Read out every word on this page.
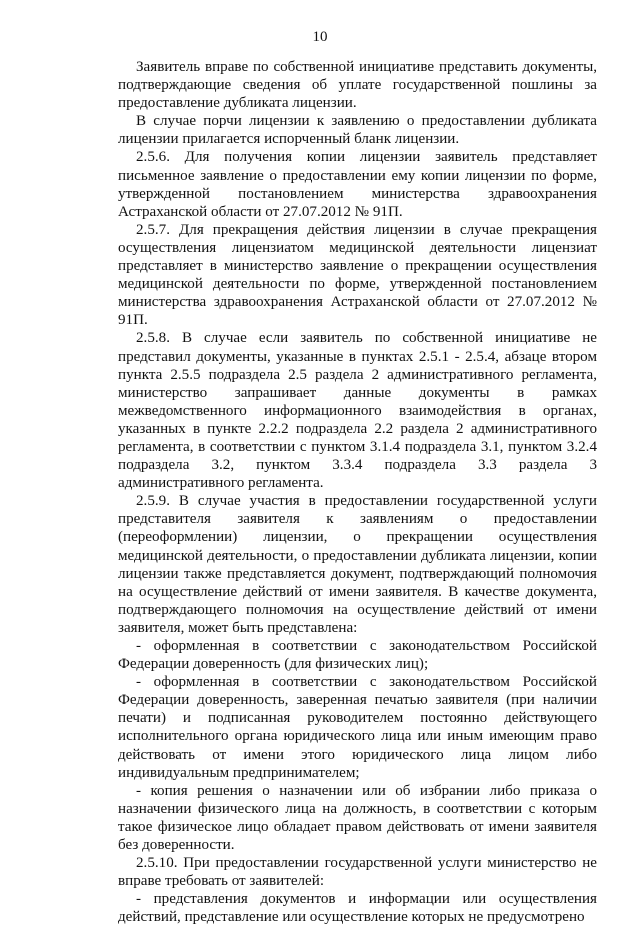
10

Заявитель вправе по собственной инициативе представить документы, подтверждающие сведения об уплате государственной пошлины за предоставление дубликата лицензии.

В случае порчи лицензии к заявлению о предоставлении дубликата лицензии прилагается испорченный бланк лицензии.

2.5.6. Для получения копии лицензии заявитель представляет письменное заявление о предоставлении ему копии лицензии по форме, утвержденной постановлением министерства здравоохранения Астраханской области от 27.07.2012 № 91П.

2.5.7. Для прекращения действия лицензии в случае прекращения осуществления лицензиатом медицинской деятельности лицензиат представляет в министерство заявление о прекращении осуществления медицинской деятельности по форме, утвержденной постановлением министерства здравоохранения Астраханской области от 27.07.2012 № 91П.

2.5.8. В случае если заявитель по собственной инициативе не представил документы, указанные в пунктах 2.5.1 - 2.5.4, абзаце втором пункта 2.5.5 подраздела 2.5 раздела 2 административного регламента, министерство запрашивает данные документы в рамках межведомственного информационного взаимодействия в органах, указанных в пункте 2.2.2 подраздела 2.2 раздела 2 административного регламента, в соответствии с пунктом 3.1.4 подраздела 3.1, пунктом 3.2.4 подраздела 3.2, пунктом 3.3.4 подраздела 3.3 раздела 3 административного регламента.

2.5.9. В случае участия в предоставлении государственной услуги представителя заявителя к заявлениям о предоставлении (переоформлении) лицензии, о прекращении осуществления медицинской деятельности, о предоставлении дубликата лицензии, копии лицензии также представляется документ, подтверждающий полномочия на осуществление действий от имени заявителя. В качестве документа, подтверждающего полномочия на осуществление действий от имени заявителя, может быть представлена:

- оформленная в соответствии с законодательством Российской Федерации доверенность (для физических лиц);

- оформленная в соответствии с законодательством Российской Федерации доверенность, заверенная печатью заявителя (при наличии печати) и подписанная руководителем постоянно действующего исполнительного органа юридического лица или иным имеющим право действовать от имени этого юридического лица лицом либо индивидуальным предпринимателем;

- копия решения о назначении или об избрании либо приказа о назначении физического лица на должность, в соответствии с которым такое физическое лицо обладает правом действовать от имени заявителя без доверенности.

2.5.10. При предоставлении государственной услуги министерство не вправе требовать от заявителей:

- представления документов и информации или осуществления действий, представление или осуществление которых не предусмотрено
